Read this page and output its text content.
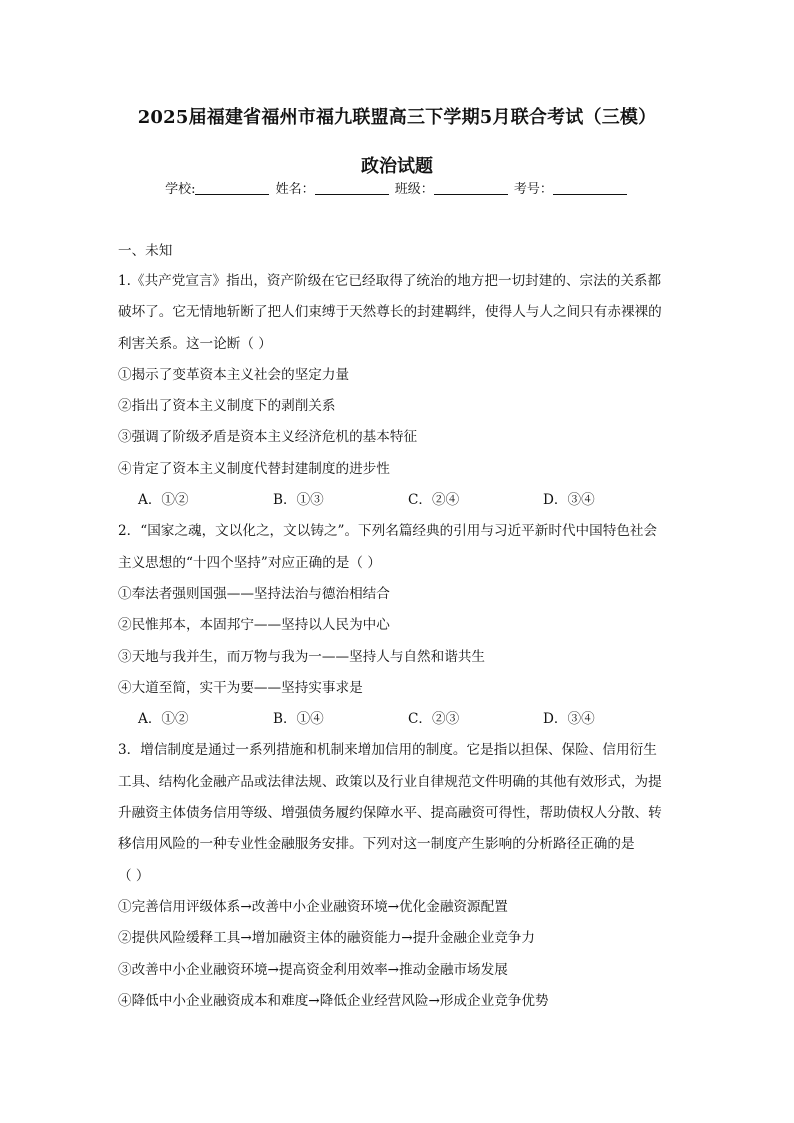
2025届福建省福州市福九联盟高三下学期5月联合考试（三模）
政治试题
学校:	姓名：	班级：	考号：
一、未知
1.《共产党宣言》指出，资产阶级在它已经取得了统治的地方把一切封建的、宗法的关系都
破坏了。它无情地斩断了把人们束缚于天然尊长的封建羁绊，使得人与人之间只有赤裸裸的
利害关系。这一论断（ ）
①揭示了变革资本主义社会的坚定力量
②指出了资本主义制度下的剥削关系
③强调了阶级矛盾是资本主义经济危机的基本特征
④肯定了资本主义制度代替封建制度的进步性
A．①②	B．①③	C．②④	D．③④
2．“国家之魂，文以化之，文以铸之”。下列名篇经典的引用与习近平新时代中国特色社会
主义思想的“十四个坚持”对应正确的是（ ）
①奉法者强则国强——坚持法治与德治相结合
②民惟邦本，本固邦宁——坚持以人民为中心
③天地与我并生，而万物与我为一——坚持人与自然和谐共生
④大道至简，实干为要——坚持实事求是
A．①②	B．①④	C．②③	D．③④
3．增信制度是通过一系列措施和机制来增加信用的制度。它是指以担保、保险、信用衍生
工具、结构化金融产品或法律法规、政策以及行业自律规范文件明确的其他有效形式，为提
升融资主体债务信用等级、增强债务履约保障水平、提高融资可得性，帮助债权人分散、转
移信用风险的一种专业性金融服务安排。下列对这一制度产生影响的分析路径正确的是
（ ）
①完善信用评级体系→改善中小企业融资环境→优化金融资源配置
②提供风险缓释工具→增加融资主体的融资能力→提升金融企业竞争力
③改善中小企业融资环境→提高资金利用效率→推动金融市场发展
④降低中小企业融资成本和难度→降低企业经营风险→形成企业竞争优势
